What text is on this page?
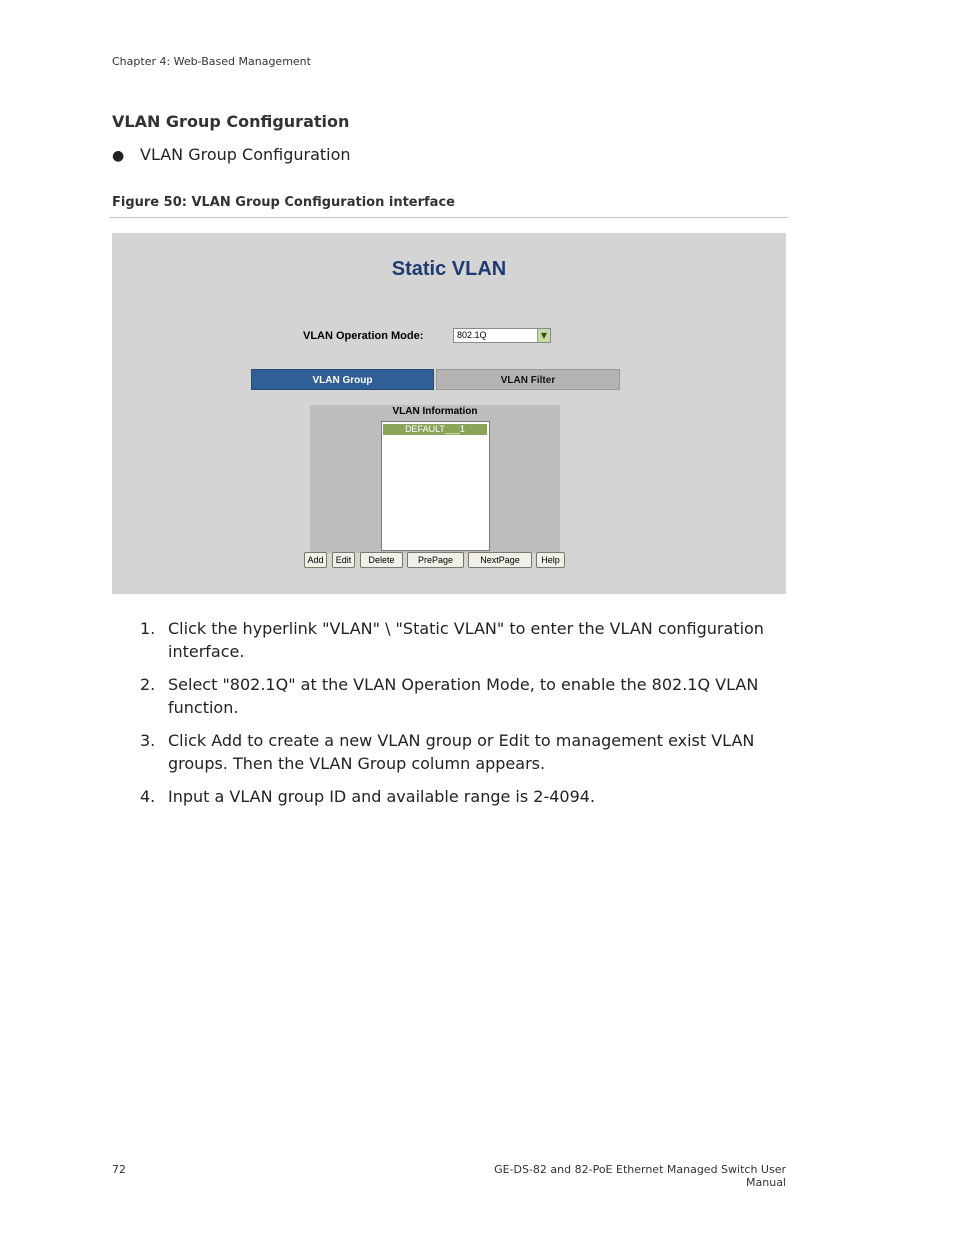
Chapter 4: Web-Based Management
VLAN Group Configuration
● VLAN Group Configuration
Figure 50: VLAN Group Configuration interface
Static VLAN
VLAN Operation Mode:	802.1Q	▼
VLAN Group	VLAN Filter
VLAN Information
DEFAULT___1
Add	Edit	Delete	PrePage	NextPage	Help
1. Click the hyperlink "VLAN" \ "Static VLAN" to enter the VLAN configuration
interface.
2. Select "802.1Q" at the VLAN Operation Mode, to enable the 802.1Q VLAN
function.
3. Click Add to create a new VLAN group or Edit to management exist VLAN
groups. Then the VLAN Group column appears.
4. Input a VLAN group ID and available range is 2-4094.
72	GE-DS-82 and 82-PoE Ethernet Managed Switch User Manual
